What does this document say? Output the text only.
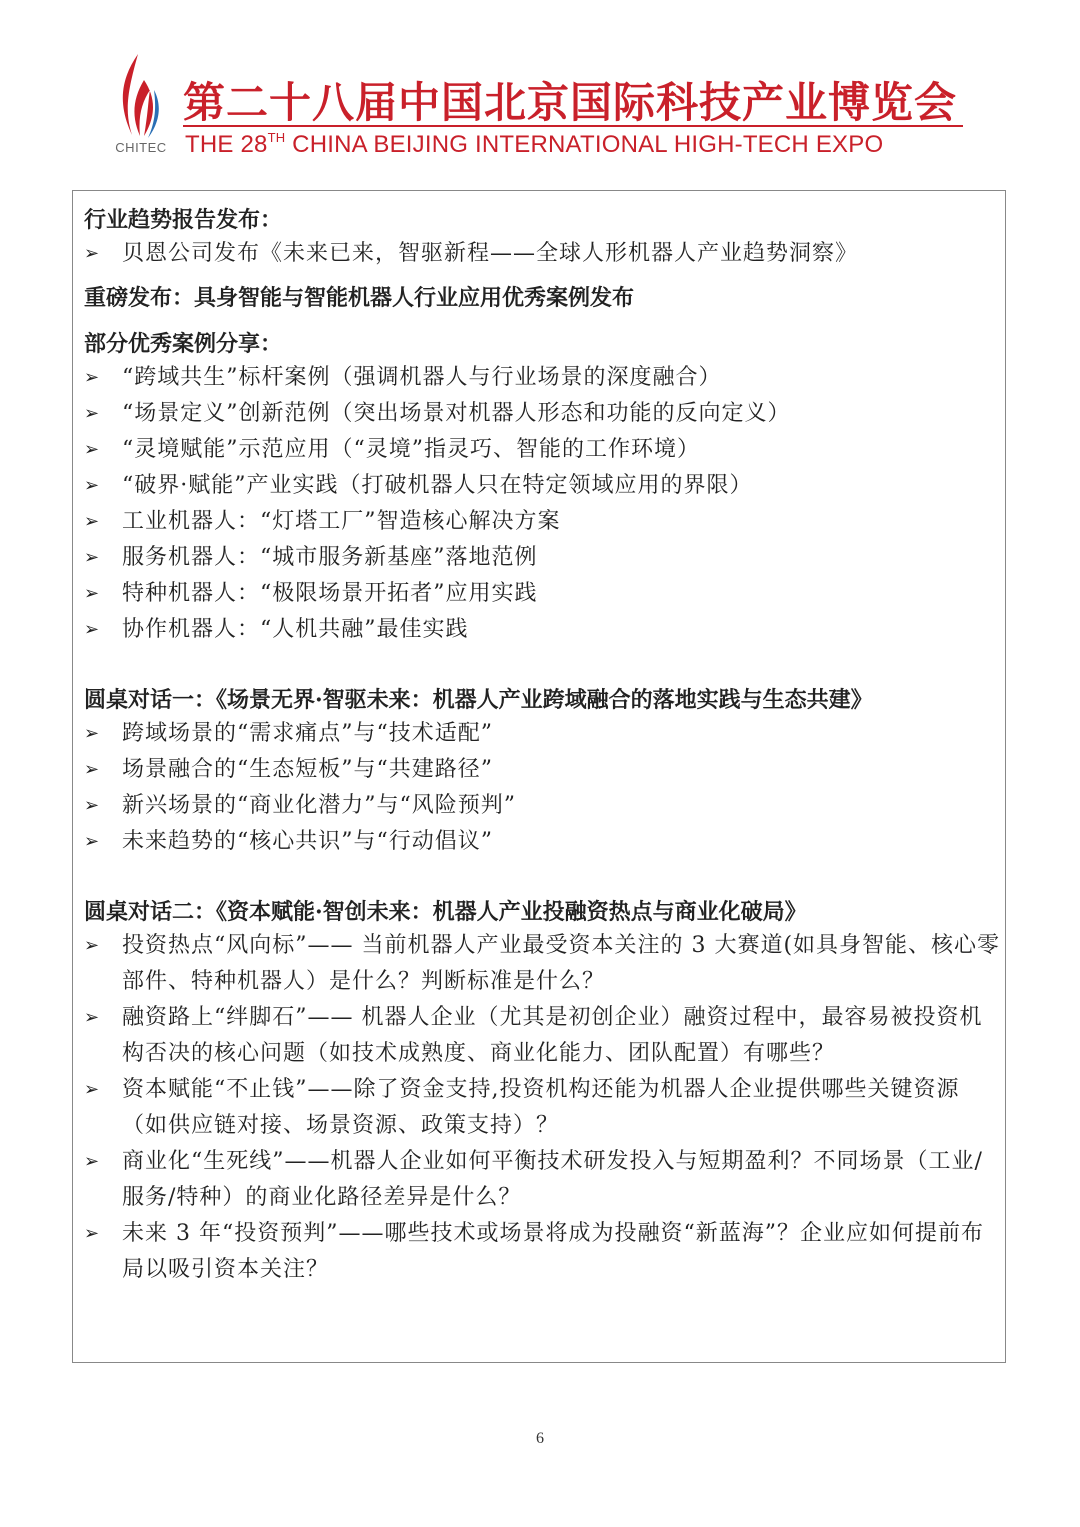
CHITEC
第二十八届中国北京国际科技产业博览会
THE 28TH CHINA BEIJING INTERNATIONAL HIGH-TECH EXPO
行业趋势报告发布：
➢ 贝恩公司发布《未来已来，智驱新程——全球人形机器人产业趋势洞察》
重磅发布：具身智能与智能机器人行业应用优秀案例发布
部分优秀案例分享：
➢ “跨域共生”标杆案例（强调机器人与行业场景的深度融合）
➢ “场景定义”创新范例（突出场景对机器人形态和功能的反向定义）
➢ “灵境赋能”示范应用（“灵境”指灵巧、智能的工作环境）
➢ “破界·赋能”产业实践（打破机器人只在特定领域应用的界限）
➢ 工业机器人：“灯塔工厂”智造核心解决方案
➢ 服务机器人：“城市服务新基座”落地范例
➢ 特种机器人：“极限场景开拓者”应用实践
➢ 协作机器人：“人机共融”最佳实践
圆桌对话一：《场景无界·智驱未来：机器人产业跨域融合的落地实践与生态共建》
➢ 跨域场景的“需求痛点”与“技术适配”
➢ 场景融合的“生态短板”与“共建路径”
➢ 新兴场景的“商业化潜力”与“风险预判”
➢ 未来趋势的“核心共识”与“行动倡议”
圆桌对话二：《资本赋能·智创未来：机器人产业投融资热点与商业化破局》
➢ 投资热点“风向标”—— 当前机器人产业最受资本关注的 3 大赛道(如具身智能、核心零部件、特种机器人）是什么？判断标准是什么？
➢ 融资路上“绊脚石”—— 机器人企业（尤其是初创企业）融资过程中，最容易被投资机构否决的核心问题（如技术成熟度、商业化能力、团队配置）有哪些？
➢ 资本赋能“不止钱”——除了资金支持,投资机构还能为机器人企业提供哪些关键资源（如供应链对接、场景资源、政策支持）？
➢ 商业化“生死线”——机器人企业如何平衡技术研发投入与短期盈利？不同场景（工业/服务/特种）的商业化路径差异是什么？
➢ 未来 3 年“投资预判”——哪些技术或场景将成为投融资“新蓝海”？企业应如何提前布局以吸引资本关注？
6
